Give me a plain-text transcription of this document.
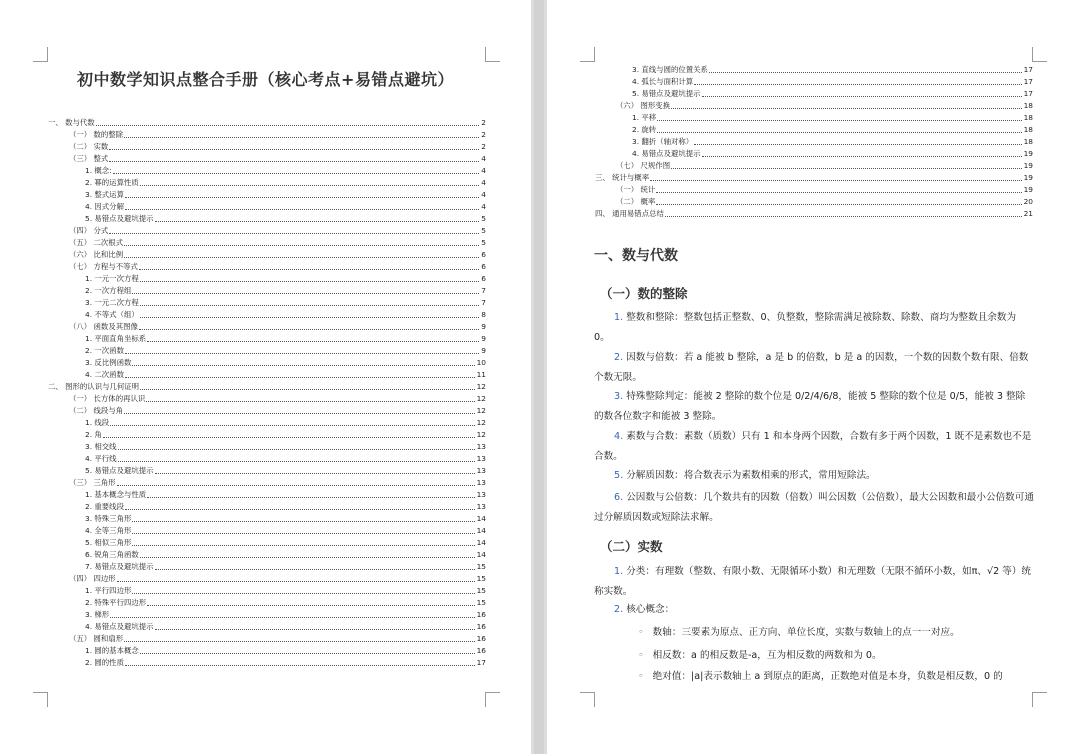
初中数学知识点整合手册（核心考点+易错点避坑）
一、 数与代数	2
（一） 数的整除	2
（二） 实数	2
（三） 整式	4
1. 概念:	4
2. 幂的运算性质	4
3. 整式运算	4
4. 因式分解	4
5. 易错点及避坑提示	5
（四） 分式	5
（五） 二次根式	5
（六） 比和比例	6
（七） 方程与不等式	6
1. 一元一次方程	6
2. 一次方程组	7
3. 一元二次方程	7
4. 不等式（组）	8
（八） 函数及其图像	9
1. 平面直角坐标系	9
2. 一次函数	9
3. 反比例函数	10
4. 二次函数	11
二、 图形的认识与几何证明	12
（一） 长方体的再认识	12
（二） 线段与角	12
1. 线段	12
2. 角	12
3. 相交线	13
4. 平行线	13
5. 易错点及避坑提示	13
（三） 三角形	13
1. 基本概念与性质	13
2. 重要线段	13
3. 特殊三角形	14
4. 全等三角形	14
5. 相似三角形	14
6. 锐角三角函数	14
7. 易错点及避坑提示	15
（四） 四边形	15
1. 平行四边形	15
2. 特殊平行四边形	15
3. 梯形	16
4. 易错点及避坑提示	16
（五） 圆和扇形	16
1. 圆的基本概念	16
2. 圆的性质	17
3. 直线与圆的位置关系	17
4. 弧长与面积计算	17
5. 易错点及避坑提示	17
（六） 图形变换	18
1. 平移	18
2. 旋转	18
3. 翻折（轴对称）	18
4. 易错点及避坑提示	19
（七） 尺规作图	19
三、 统计与概率	19
（一） 统计	19
（二） 概率	20
四、 通用易错点总结	21
一、数与代数
（一）数的整除
1. 整数和整除：整数包括正整数、0、负整数，整除需满足被除数、除数、商均为整数且余数为 0。
2. 因数与倍数：若 a 能被 b 整除，a 是 b 的倍数，b 是 a 的因数，一个数的因数个数有限、倍数个数无限。
3. 特殊整除判定：能被 2 整除的数个位是 0/2/4/6/8，能被 5 整除的数个位是 0/5，能被 3 整除的数各位数字和能被 3 整除。
4. 素数与合数：素数（质数）只有 1 和本身两个因数，合数有多于两个因数，1 既不是素数也不是合数。
5. 分解质因数：将合数表示为素数相乘的形式，常用短除法。
6. 公因数与公倍数：几个数共有的因数（倍数）叫公因数（公倍数），最大公因数和最小公倍数可通过分解质因数或短除法求解。
（二）实数
1. 分类：有理数（整数、有限小数、无限循环小数）和无理数（无限不循环小数，如π、√2 等）统称实数。
2. 核心概念：
◦ 数轴：三要素为原点、正方向、单位长度，实数与数轴上的点一一对应。
◦ 相反数：a 的相反数是-a，互为相反数的两数和为 0。
◦ 绝对值：|a|表示数轴上 a 到原点的距离，正数绝对值是本身，负数是相反数，0 的
